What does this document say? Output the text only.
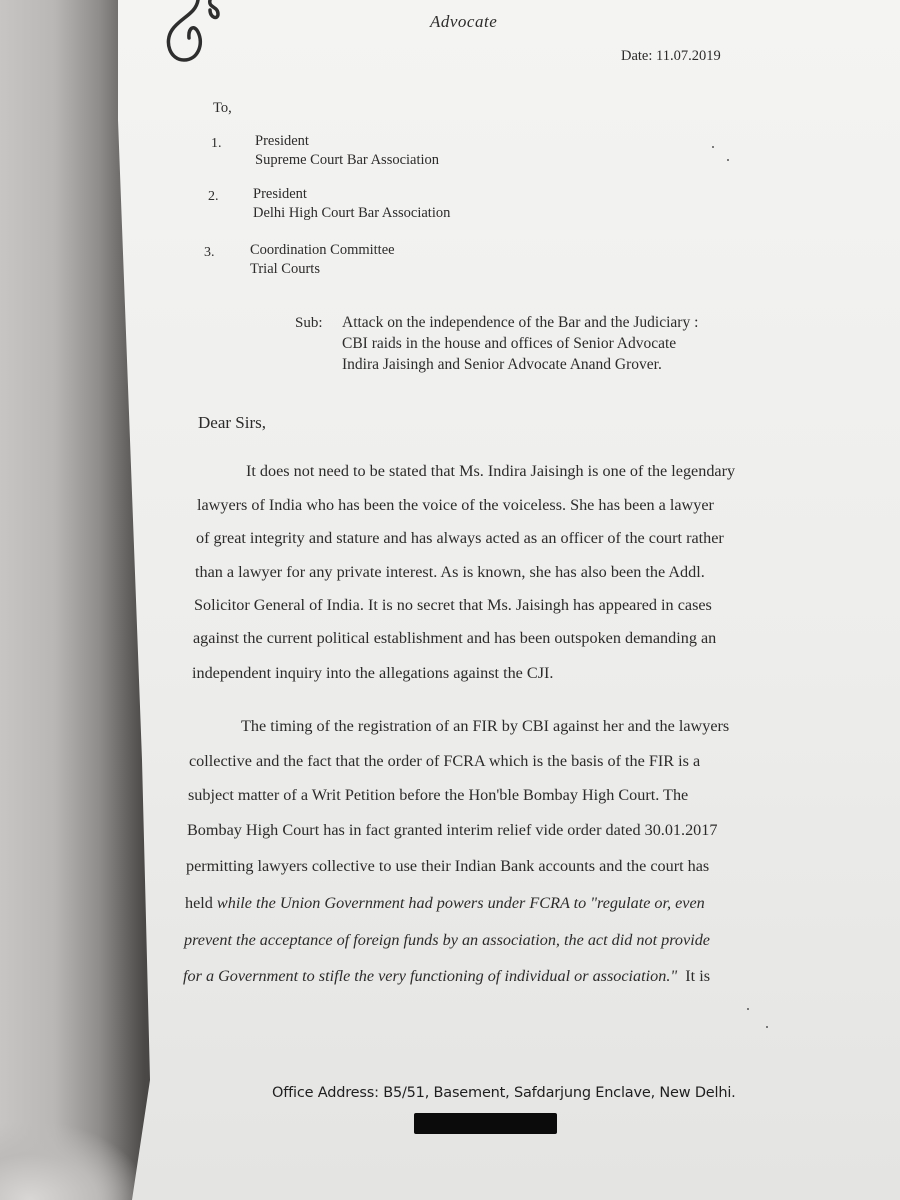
Advocate
Date: 11.07.2019
To,
1. President
Supreme Court Bar Association
2. President
Delhi High Court Bar Association
3. Coordination Committee
Trial Courts
Sub: Attack on the independence of the Bar and the Judiciary :
CBI raids in the house and offices of Senior Advocate
Indira Jaisingh and Senior Advocate Anand Grover.
Dear Sirs,
It does not need to be stated that Ms. Indira Jaisingh is one of the legendary
lawyers of India who has been the voice of the voiceless. She has been a lawyer
of great integrity and stature and has always acted as an officer of the court rather
than a lawyer for any private interest. As is known, she has also been the Addl.
Solicitor General of India. It is no secret that Ms. Jaisingh has appeared in cases
against the current political establishment and has been outspoken demanding an
independent inquiry into the allegations against the CJI.
The timing of the registration of an FIR by CBI against her and the lawyers
collective and the fact that the order of FCRA which is the basis of the FIR is a
subject matter of a Writ Petition before the Hon'ble Bombay High Court. The
Bombay High Court has in fact granted interim relief vide order dated 30.01.2017
permitting lawyers collective to use their Indian Bank accounts and the court has
held while the Union Government had powers under FCRA to "regulate or, even
prevent the acceptance of foreign funds by an association, the act did not provide
for a Government to stifle the very functioning of individual or association." It is
Office Address: B5/51, Basement, Safdarjung Enclave, New Delhi.
